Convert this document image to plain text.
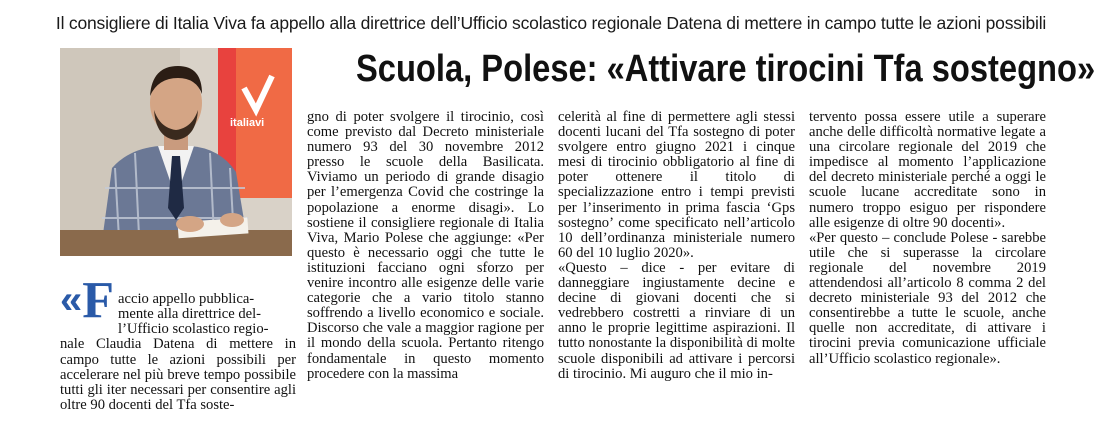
Il consigliere di Italia Viva fa appello alla direttrice dell’Ufficio scolastico regionale Datena di mettere in campo tutte le azioni possibili
Scuola, Polese: «Attivare tirocini Tfa sostegno»
italiavi

« F accio appello pubblica-
mente alla direttrice del-
l’Ufficio scolastico regio-
nale Claudia Datena di mettere in campo tutte le azioni possibili per accelerare nel più breve tempo possibile tutti gli iter necessari per consentire agli oltre 90 docenti del Tfa soste-

gno di poter svolgere il tirocinio, così come previsto dal Decreto ministeriale numero 93 del 30 novembre 2012 presso le scuole della Basilicata. Viviamo un periodo di grande disagio per l’emergenza Covid che costringe la popolazione a enorme disagi». Lo sostiene il consigliere regionale di Italia Viva, Mario Polese che aggiunge: «Per questo è necessario oggi che tutte le istituzioni facciano ogni sforzo per venire incontro alle esigenze delle varie categorie che a vario titolo stanno soffrendo a livello economico e sociale. Discorso che vale a maggior ragione per il mondo della scuola. Pertanto ritengo fondamentale in questo momento procedere con la massima
celerità al fine di permettere agli stessi docenti lucani del Tfa sostegno di poter svolgere entro giugno 2021 i cinque mesi di tirocinio obbligatorio al fine di poter ottenere il titolo di specializzazione entro i tempi previsti per l’inserimento in prima fascia ‘Gps sostegno’ come specificato nell’articolo 10 dell’ordinanza ministeriale numero 60 del 10 luglio 2020».
«Questo – dice - per evitare di danneggiare ingiustamente decine e decine di giovani docenti che si vedrebbero costretti a rinviare di un anno le proprie legittime aspirazioni. Il tutto nonostante la disponibilità di molte scuole disponibili ad attivare i percorsi di tirocinio. Mi auguro che il mio in-
tervento possa essere utile a superare anche delle difficoltà normative legate a una circolare regionale del 2019 che impedisce al momento l’applicazione del decreto ministeriale perché a oggi le scuole lucane accreditate sono in numero troppo esiguo per rispondere alle esigenze di oltre 90 docenti».
«Per questo – conclude Polese - sarebbe utile che si superasse la circolare regionale del novembre 2019 attendendosi all’articolo 8 comma 2 del decreto ministeriale 93 del 2012 che consentirebbe a tutte le scuole, anche quelle non accreditate, di attivare i tirocini previa comunicazione ufficiale all’Ufficio scolastico regionale».
